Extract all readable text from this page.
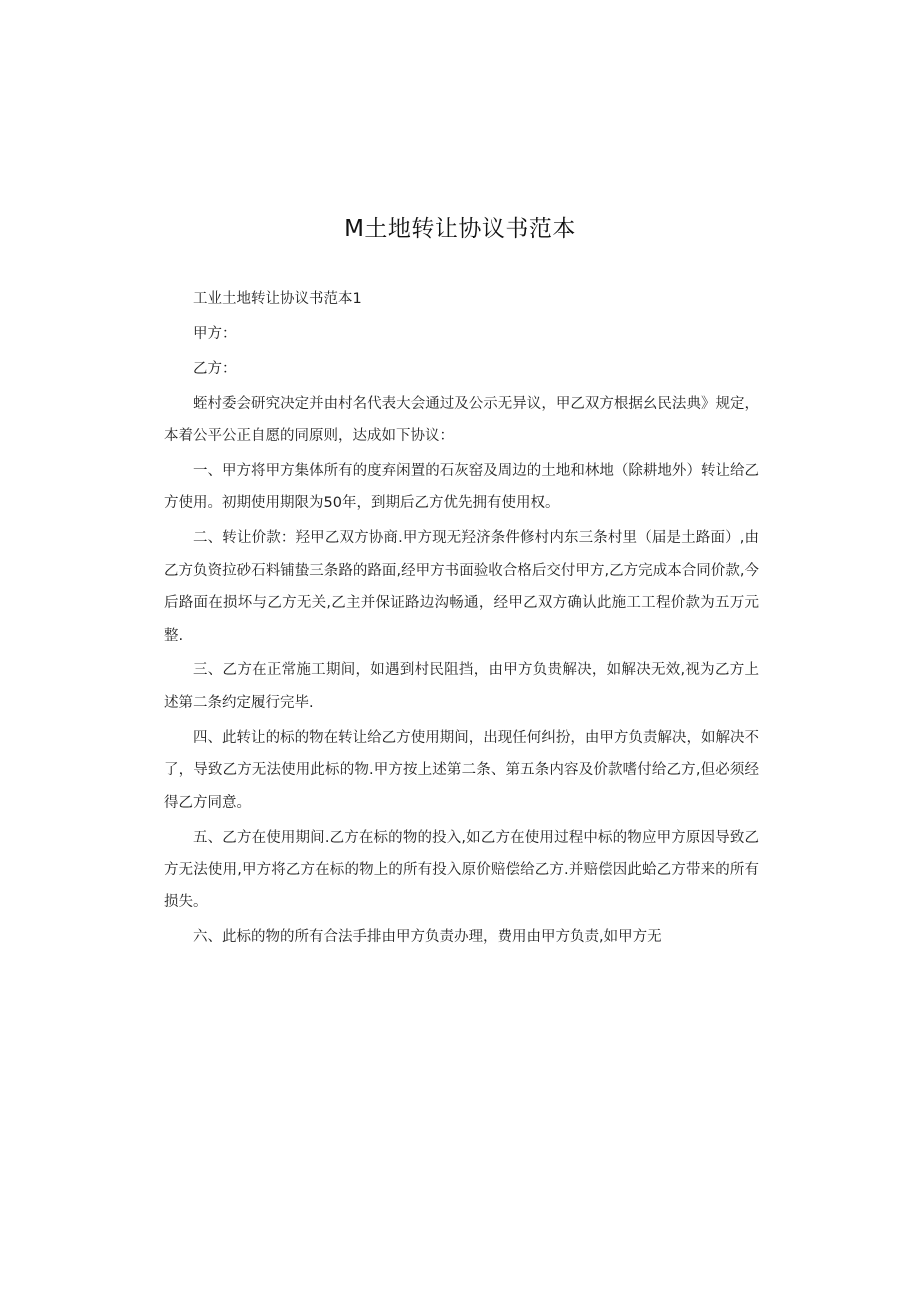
M土地转让协议书范本

工业土地转让协议书范本1

甲方：

乙方：

蛭村委会研究决定并由村名代表大会通过及公示无异议，甲乙双方根据幺民法典》规定，本着公平公正自愿的同原则，达成如下协议：

一、甲方将甲方集体所有的度弃闲置的石灰窑及周边的土地和林地（除耕地外）转让给乙方使用。初期使用期限为50年，到期后乙方优先拥有使用权。

二、转让价款：羟甲乙双方协商.甲方现无羟济条件修村内东三条村里（届是土路面）,由乙方负资拉砂石料铺蛰三条路的路面,经甲方书面验收合格后交付甲方,乙方完成本合同价款,今后路面在损坏与乙方无关,乙主并保证路边沟畅通，经甲乙双方确认此施工工程价款为五万元整.

三、乙方在正常施工期间，如遇到村民阻挡，由甲方负贵解决，如解决无效,视为乙方上述第二条约定履行完毕.

四、此转让的标的物在转让给乙方使用期间，出现任何纠扮，由甲方负责解决，如解决不了，导致乙方无法使用此标的物.甲方按上述第二条、第五条内容及价款嗜付给乙方,但必须经得乙方同意。

五、乙方在使用期间.乙方在标的物的投入,如乙方在使用过程中标的物应甲方原因导致乙方无法使用,甲方将乙方在标的物上的所有投入原价赔偿给乙方.并赔偿因此蛤乙方带来的所有损失。

六、此标的物的所有合法手排由甲方负责办理，费用由甲方负责,如甲方无
